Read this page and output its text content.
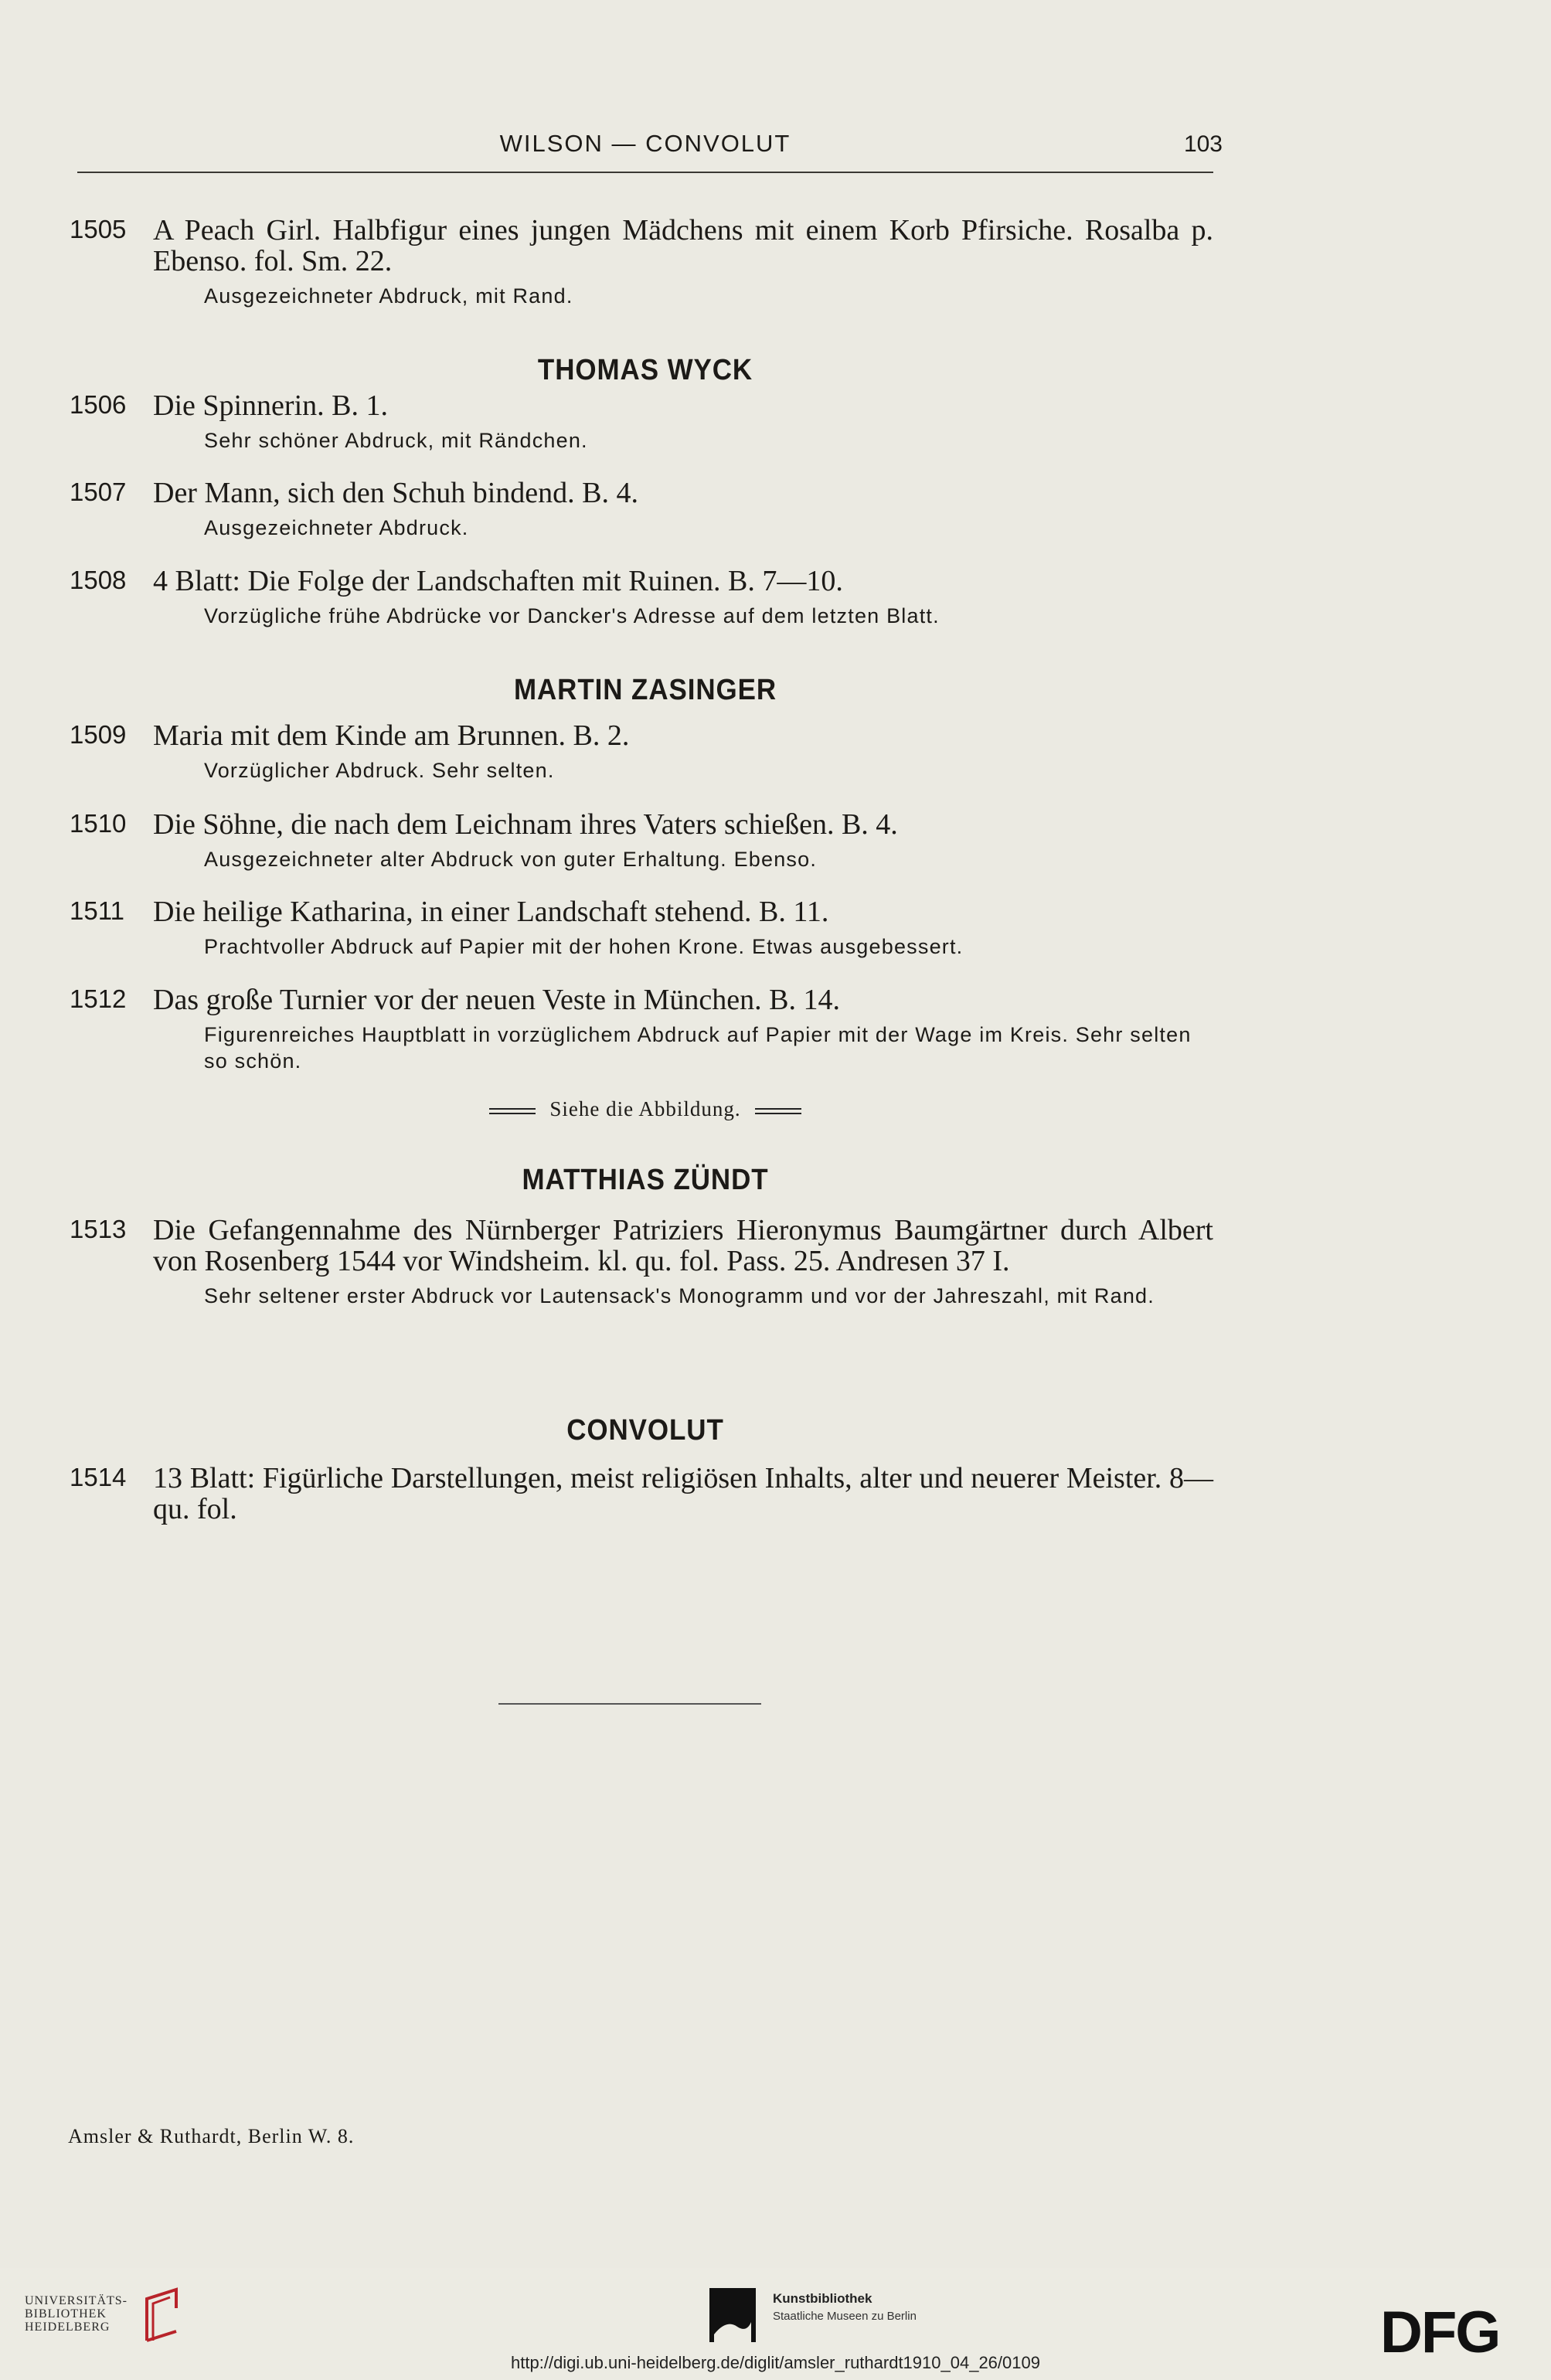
WILSON — CONVOLUT	103
1505 A Peach Girl. Halbfigur eines jungen Mädchens mit einem Korb Pfirsiche. Rosalba p. Ebenso. fol. Sm. 22.
Ausgezeichneter Abdruck, mit Rand.
THOMAS WYCK
1506 Die Spinnerin. B. 1.
Sehr schöner Abdruck, mit Rändchen.
1507 Der Mann, sich den Schuh bindend. B. 4.
Ausgezeichneter Abdruck.
1508 4 Blatt: Die Folge der Landschaften mit Ruinen. B. 7—10.
Vorzügliche frühe Abdrücke vor Dancker's Adresse auf dem letzten Blatt.
MARTIN ZASINGER
1509 Maria mit dem Kinde am Brunnen. B. 2.
Vorzüglicher Abdruck. Sehr selten.
1510 Die Söhne, die nach dem Leichnam ihres Vaters schießen. B. 4.
Ausgezeichneter alter Abdruck von guter Erhaltung. Ebenso.
1511 Die heilige Katharina, in einer Landschaft stehend. B. 11.
Prachtvoller Abdruck auf Papier mit der hohen Krone. Etwas ausgebessert.
1512 Das große Turnier vor der neuen Veste in München. B. 14.
Figurenreiches Hauptblatt in vorzüglichem Abdruck auf Papier mit der Wage im Kreis. Sehr selten so schön.
Siehe die Abbildung.
MATTHIAS ZÜNDT
1513 Die Gefangennahme des Nürnberger Patriziers Hieronymus Baumgärtner durch Albert von Rosenberg 1544 vor Windsheim. kl. qu. fol. Pass. 25. Andresen 37 I.
Sehr seltener erster Abdruck vor Lautensack's Monogramm und vor der Jahreszahl, mit Rand.
CONVOLUT
1514 13 Blatt: Figürliche Darstellungen, meist religiösen Inhalts, alter und neuerer Meister. 8—qu. fol.
Amsler & Ruthardt, Berlin W. 8.
UNIVERSITÄTS-
BIBLIOTHEK
HEIDELBERG
Kunstbibliothek
Staatliche Museen zu Berlin	DFG
http://digi.ub.uni-heidelberg.de/diglit/amsler_ruthardt1910_04_26/0109
